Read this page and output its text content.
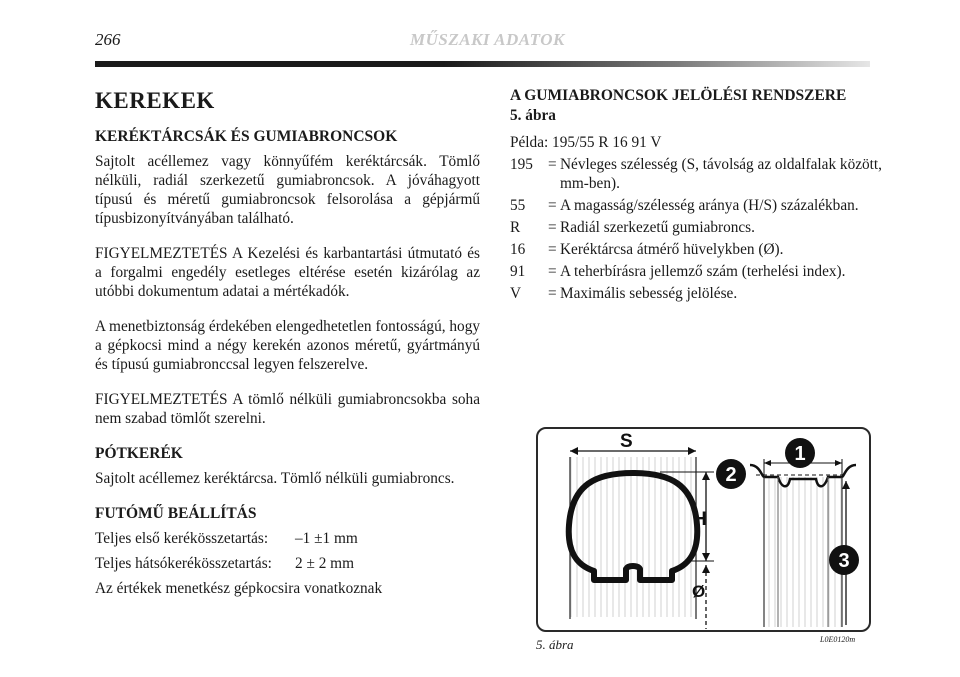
266	MŰSZAKI ADATOK
KEREKEK
KERÉKTÁRCSÁK ÉS GUMIABRONCSOK

Sajtolt acéllemez vagy könnyűfém keréktárcsák. Tömlő nélküli, radiál szerkezetű gumiabroncsok. A jóváhagyott típusú és méretű gumiabroncsok felsorolása a gépjármű típusbizonyítványában található.

FIGYELMEZTETÉS A Kezelési és karbantartási útmutató és a forgalmi engedély esetleges eltérése esetén kizárólag az utóbbi dokumentum adatai a mértékadók.

A menetbiztonság érdekében elengedhetetlen fontosságú, hogy a gépkocsi mind a négy kerekén azonos méretű, gyártmányú és típusú gumiabronccsal legyen felszerelve.

FIGYELMEZTETÉS A tömlő nélküli gumiabroncsokba soha nem szabad tömlőt szerelni.

PÓTKERÉK

Sajtolt acéllemez keréktárcsa. Tömlő nélküli gumiabroncs.

FUTÓMŰ BEÁLLÍTÁS
Teljes első kerékösszetartás: –1 ±1 mm
Teljes hátsókerékösszetartás: 2 ± 2 mm
Az értékek menetkész gépkocsira vonatkoznak
A GUMIABRONCSOK JELÖLÉSI RENDSZERE
5. ábra
Példa: 195/55 R 16 91 V
195 = Névleges szélesség (S, távolság az oldalfalak között, mm-ben).
55	= A magasság/szélesség aránya (H/S) százalékban.
R	= Radiál szerkezetű gumiabroncs.
16	= Keréktárcsa átmérő hüvelykben (Ø).
91	= A teherbírásra jellemző szám (terhelési index).
V	= Maximális sebesség jelölése.
S
H
Ø
1
2
3
5. ábra	L0E0120m
